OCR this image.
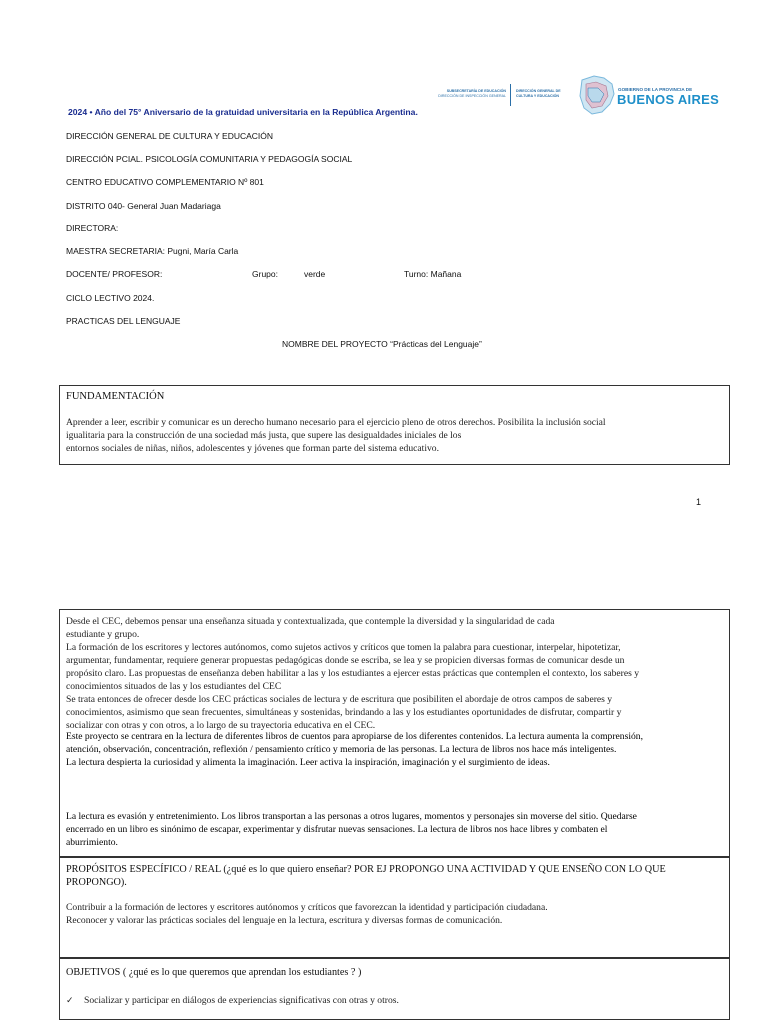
SUBSECRETARÍA DE EDUCACIÓN
DIRECCIÓN DE INSPECCIÓN GENERAL
DIRECCIÓN GENERAL DE
CULTURA Y EDUCACIÓN
GOBIERNO DE LA PROVINCIA DE
BUENOS AIRES
2024 • Año del 75° Aniversario de la gratuidad universitaria en la República Argentina.
DIRECCIÓN GENERAL DE CULTURA Y EDUCACIÓN
DIRECCIÓN PCIAL. PSICOLOGÍA COMUNITARIA Y PEDAGOGÍA SOCIAL
CENTRO EDUCATIVO COMPLEMENTARIO Nº 801
DISTRITO 040- General Juan Madariaga
DIRECTORA:
MAESTRA SECRETARIA: Pugni, María Carla
DOCENTE/ PROFESOR:	Grupo:	verde	Turno: Mañana
CICLO LECTIVO 2024.
PRACTICAS DEL LENGUAJE
NOMBRE DEL PROYECTO “Prácticas del Lenguaje”
FUNDAMENTACIÓN

Aprender a leer, escribir y comunicar es un derecho humano necesario para el ejercicio pleno de otros derechos. Posibilita la inclusión social

igualitaria para la construcción de una sociedad más justa, que supere las desigualdades iniciales de los

entornos sociales de niñas, niños, adolescentes y jóvenes que forman parte del sistema educativo.

1

Desde el CEC, debemos pensar una enseñanza situada y contextualizada, que contemple la diversidad y la singularidad de cada

estudiante y grupo.

La formación de los escritores y lectores autónomos, como sujetos activos y críticos que tomen la palabra para cuestionar, interpelar, hipotetizar,

argumentar, fundamentar, requiere generar propuestas pedagógicas donde se escriba, se lea y se propicien diversas formas de comunicar desde un

propósito claro. Las propuestas de enseñanza deben habilitar a las y los estudiantes a ejercer estas prácticas que contemplen el contexto, los saberes y

conocimientos situados de las y los estudiantes del CEC

Se trata entonces de ofrecer desde los CEC prácticas sociales de lectura y de escritura que posibiliten el abordaje de otros campos de saberes y

conocimientos, asimismo que sean frecuentes, simultáneas y sostenidas, brindando a las y los estudiantes oportunidades de disfrutar, compartir y

socializar con otras y con otros, a lo largo de su trayectoria educativa en el CEC.

Este proyecto se centrara en la lectura de diferentes libros de cuentos para apropiarse de los diferentes contenidos. La lectura aumenta la comprensión,

atención, observación, concentración, reflexión / pensamiento crítico y memoria de las personas. La lectura de libros nos hace más inteligentes.

La lectura despierta la curiosidad y alimenta la imaginación. Leer activa la inspiración, imaginación y el surgimiento de ideas.

La lectura es evasión y entretenimiento. Los libros transportan a las personas a otros lugares, momentos y personajes sin moverse del sitio. Quedarse

encerrado en un libro es sinónimo de escapar, experimentar y disfrutar nuevas sensaciones. La lectura de libros nos hace libres y combaten el

aburrimiento.

PROPÓSITOS ESPECÍFICO / REAL (¿qué es lo que quiero enseñar? POR EJ PROPONGO UNA ACTIVIDAD Y QUE ENSEÑO CON LO QUE
PROPONGO).

Contribuir a la formación de lectores y escritores autónomos y críticos que favorezcan la identidad y participación ciudadana.

Reconocer y valorar las prácticas sociales del lenguaje en la lectura, escritura y diversas formas de comunicación.

OBJETIVOS ( ¿qué es lo que queremos que aprendan los estudiantes ? )
✓ Socializar y participar en diálogos de experiencias significativas con otras y otros.
